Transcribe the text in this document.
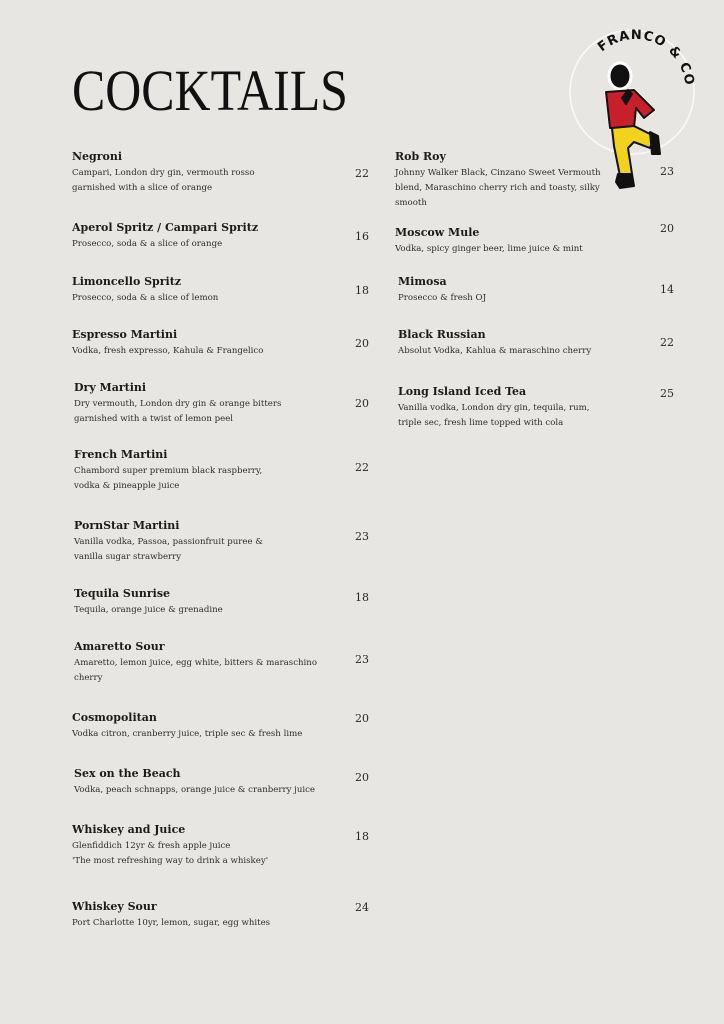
COCKTAILS
FRANCO & CO
Negroni
Campari, London dry gin, vermouth rosso
garnished with a slice of orange
22
Aperol Spritz / Campari Spritz
Prosecco, soda & a slice of orange
16
Limoncello Spritz
Prosecco, soda & a slice of lemon
18
Espresso Martini
Vodka, fresh expresso, Kahula & Frangelico
20
Dry Martini
Dry vermouth, London dry gin & orange bitters
garnished with a twist of lemon peel
20
French Martini
Chambord super premium black raspberry,
vodka & pineapple juice
22
PornStar Martini
Vanilla vodka, Passoa, passionfruit puree &
vanilla sugar strawberry
23
Tequila Sunrise
Tequila, orange juice & grenadine
18
Amaretto Sour
Amaretto, lemon juice, egg white, bitters & maraschino
cherry
23
Cosmopolitan
Vodka citron, cranberry juice, triple sec & fresh lime
20
Sex on the Beach
Vodka, peach schnapps, orange juice & cranberry juice
20
Whiskey and Juice
Glenfiddich 12yr & fresh apple juice
'The most refreshing way to drink a whiskey'
18
Whiskey Sour
Port Charlotte 10yr, lemon, sugar, egg whites
24
Rob Roy
Johnny Walker Black, Cinzano Sweet Vermouth
blend, Maraschino cherry rich and toasty, silky
smooth
23
Moscow Mule
Vodka, spicy ginger beer, lime juice & mint
20
Mimosa
Prosecco & fresh OJ
14
Black Russian
Absolut Vodka, Kahlua & maraschino cherry
22
Long Island Iced Tea
Vanilla vodka, London dry gin, tequila, rum,
triple sec, fresh lime topped with cola
25
